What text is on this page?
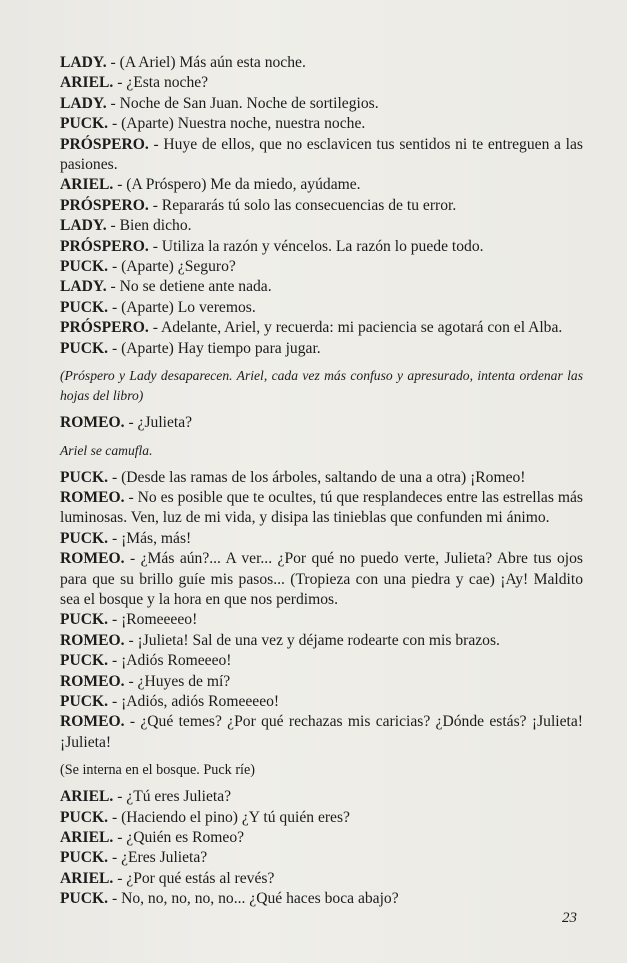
LADY. - (A Ariel) Más aún esta noche.

ARIEL. - ¿Esta noche?

LADY. - Noche de San Juan. Noche de sortilegios.

PUCK. - (Aparte) Nuestra noche, nuestra noche.

PRÓSPERO. - Huye de ellos, que no esclavicen tus sentidos ni te entreguen a las pasiones.

ARIEL. - (A Próspero) Me da miedo, ayúdame.

PRÓSPERO. - Repararás tú solo las consecuencias de tu error.

LADY. - Bien dicho.

PRÓSPERO. - Utiliza la razón y véncelos. La razón lo puede todo.

PUCK. - (Aparte) ¿Seguro?

LADY. - No se detiene ante nada.

PUCK. - (Aparte) Lo veremos.

PRÓSPERO. - Adelante, Ariel, y recuerda: mi paciencia se agotará con el Alba.

PUCK. - (Aparte) Hay tiempo para jugar.

(Próspero y Lady desaparecen. Ariel, cada vez más confuso y apresurado, intenta ordenar las hojas del libro)

ROMEO. - ¿Julieta?

Ariel se camufla.

PUCK. - (Desde las ramas de los árboles, saltando de una a otra) ¡Romeo!

ROMEO. - No es posible que te ocultes, tú que resplandeces entre las estrellas más luminosas. Ven, luz de mi vida, y disipa las tinieblas que confunden mi ánimo.

PUCK. - ¡Más, más!

ROMEO. - ¿Más aún?... A ver... ¿Por qué no puedo verte, Julieta? Abre tus ojos para que su brillo guíe mis pasos... (Tropieza con una piedra y cae) ¡Ay! Maldito sea el bosque y la hora en que nos perdimos.

PUCK. - ¡Romeeeeo!

ROMEO. - ¡Julieta! Sal de una vez y déjame rodearte con mis brazos.

PUCK. - ¡Adiós Romeeeo!

ROMEO. - ¿Huyes de mí?

PUCK. - ¡Adiós, adiós Romeeeeo!

ROMEO. - ¿Qué temes? ¿Por qué rechazas mis caricias? ¿Dónde estás? ¡Julieta! ¡Julieta!

(Se interna en el bosque. Puck ríe)

ARIEL. - ¿Tú eres Julieta?

PUCK. - (Haciendo el pino) ¿Y tú quién eres?

ARIEL. - ¿Quién es Romeo?

PUCK. - ¿Eres Julieta?

ARIEL. - ¿Por qué estás al revés?

PUCK. - No, no, no, no, no... ¿Qué haces boca abajo?

23
